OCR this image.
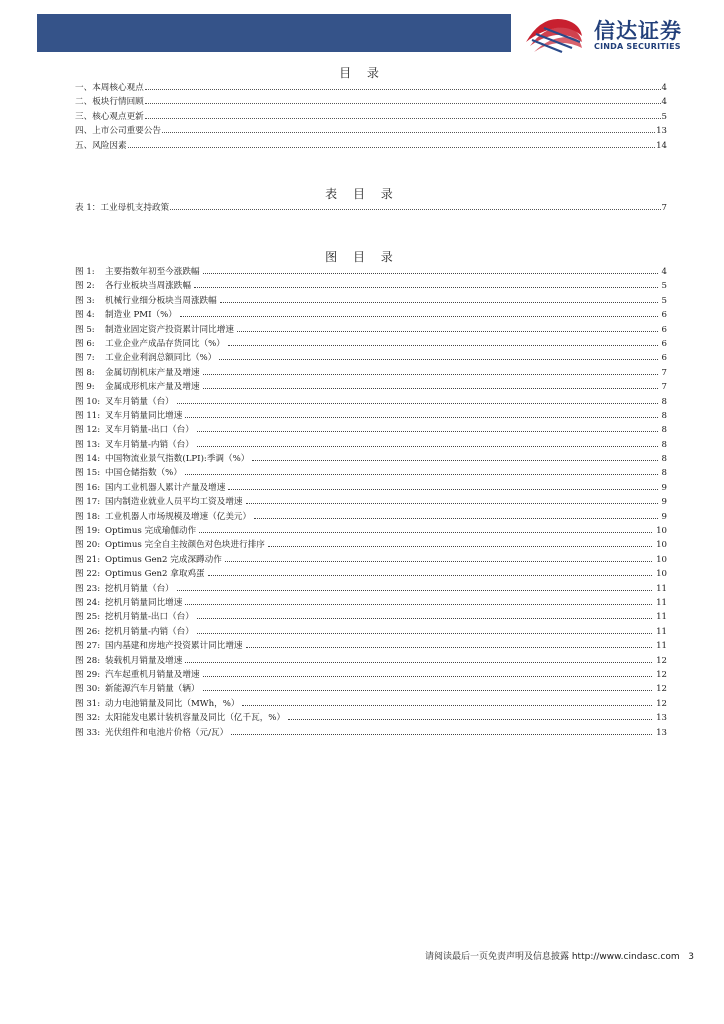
信达证券
CINDA SECURITIES
目 录
一、本周核心观点	4
二、板块行情回顾	4
三、核心观点更新	5
四、上市公司重要公告	13
五、风险因素	14
表 目 录
表 1：工业母机支持政策	7
图 目 录
图 1: 主要指数年初至今涨跌幅	4
图 2: 各行业板块当周涨跌幅	5
图 3: 机械行业细分板块当周涨跌幅	5
图 4: 制造业 PMI（%）	6
图 5: 制造业固定资产投资累计同比增速	6
图 6: 工业企业产成品存货同比（%）	6
图 7: 工业企业利润总额同比（%）	6
图 8: 金属切削机床产量及增速	7
图 9: 金属成形机床产量及增速	7
图 10: 叉车月销量（台）	8
图 11: 叉车月销量同比增速	8
图 12: 叉车月销量-出口（台）	8
图 13: 叉车月销量-内销（台）	8
图 14: 中国物流业景气指数(LPI):季调（%）	8
图 15: 中国仓储指数（%）	8
图 16: 国内工业机器人累计产量及增速	9
图 17: 国内制造业就业人员平均工资及增速	9
图 18: 工业机器人市场规模及增速（亿美元）	9
图 19: Optimus 完成瑜伽动作	10
图 20: Optimus 完全自主按颜色对色块进行排序	10
图 21: Optimus Gen2 完成深蹲动作	10
图 22: Optimus Gen2 拿取鸡蛋	10
图 23: 挖机月销量（台）	11
图 24: 挖机月销量同比增速	11
图 25: 挖机月销量-出口（台）	11
图 26: 挖机月销量-内销（台）	11
图 27: 国内基建和房地产投资累计同比增速	11
图 28: 装载机月销量及增速	12
图 29: 汽车起重机月销量及增速	12
图 30: 新能源汽车月销量（辆）	12
图 31: 动力电池销量及同比（MWh，%）	12
图 32: 太阳能发电累计装机容量及同比（亿千瓦，%）	13
图 33: 光伏组件和电池片价格（元/瓦）	13
请阅读最后一页免责声明及信息披露 http://www.cindasc.com 3
